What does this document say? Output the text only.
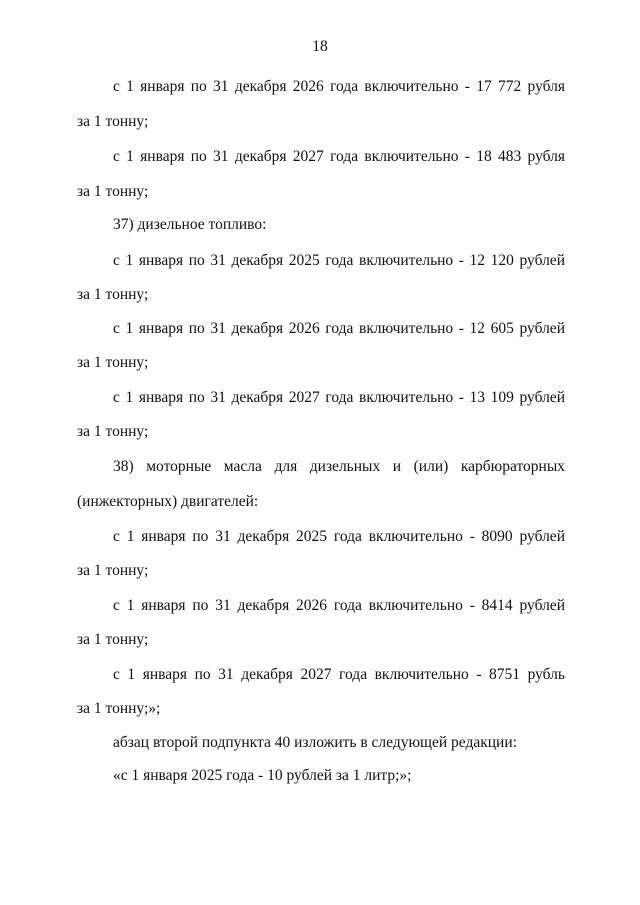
18
с 1 января по 31 декабря 2026 года включительно - 17 772 рубля
за 1 тонну;
с 1 января по 31 декабря 2027 года включительно - 18 483 рубля
за 1 тонну;
37) дизельное топливо:
с 1 января по 31 декабря 2025 года включительно - 12 120 рублей
за 1 тонну;
с 1 января по 31 декабря 2026 года включительно - 12 605 рублей
за 1 тонну;
с 1 января по 31 декабря 2027 года включительно - 13 109 рублей
за 1 тонну;
38) моторные масла для дизельных и (или) карбюраторных
(инжекторных) двигателей:
с 1 января по 31 декабря 2025 года включительно - 8090 рублей
за 1 тонну;
с 1 января по 31 декабря 2026 года включительно - 8414 рублей
за 1 тонну;
с 1 января по 31 декабря 2027 года включительно - 8751 рубль
за 1 тонну;»;
абзац второй подпункта 40 изложить в следующей редакции:
«с 1 января 2025 года - 10 рублей за 1 литр;»;
